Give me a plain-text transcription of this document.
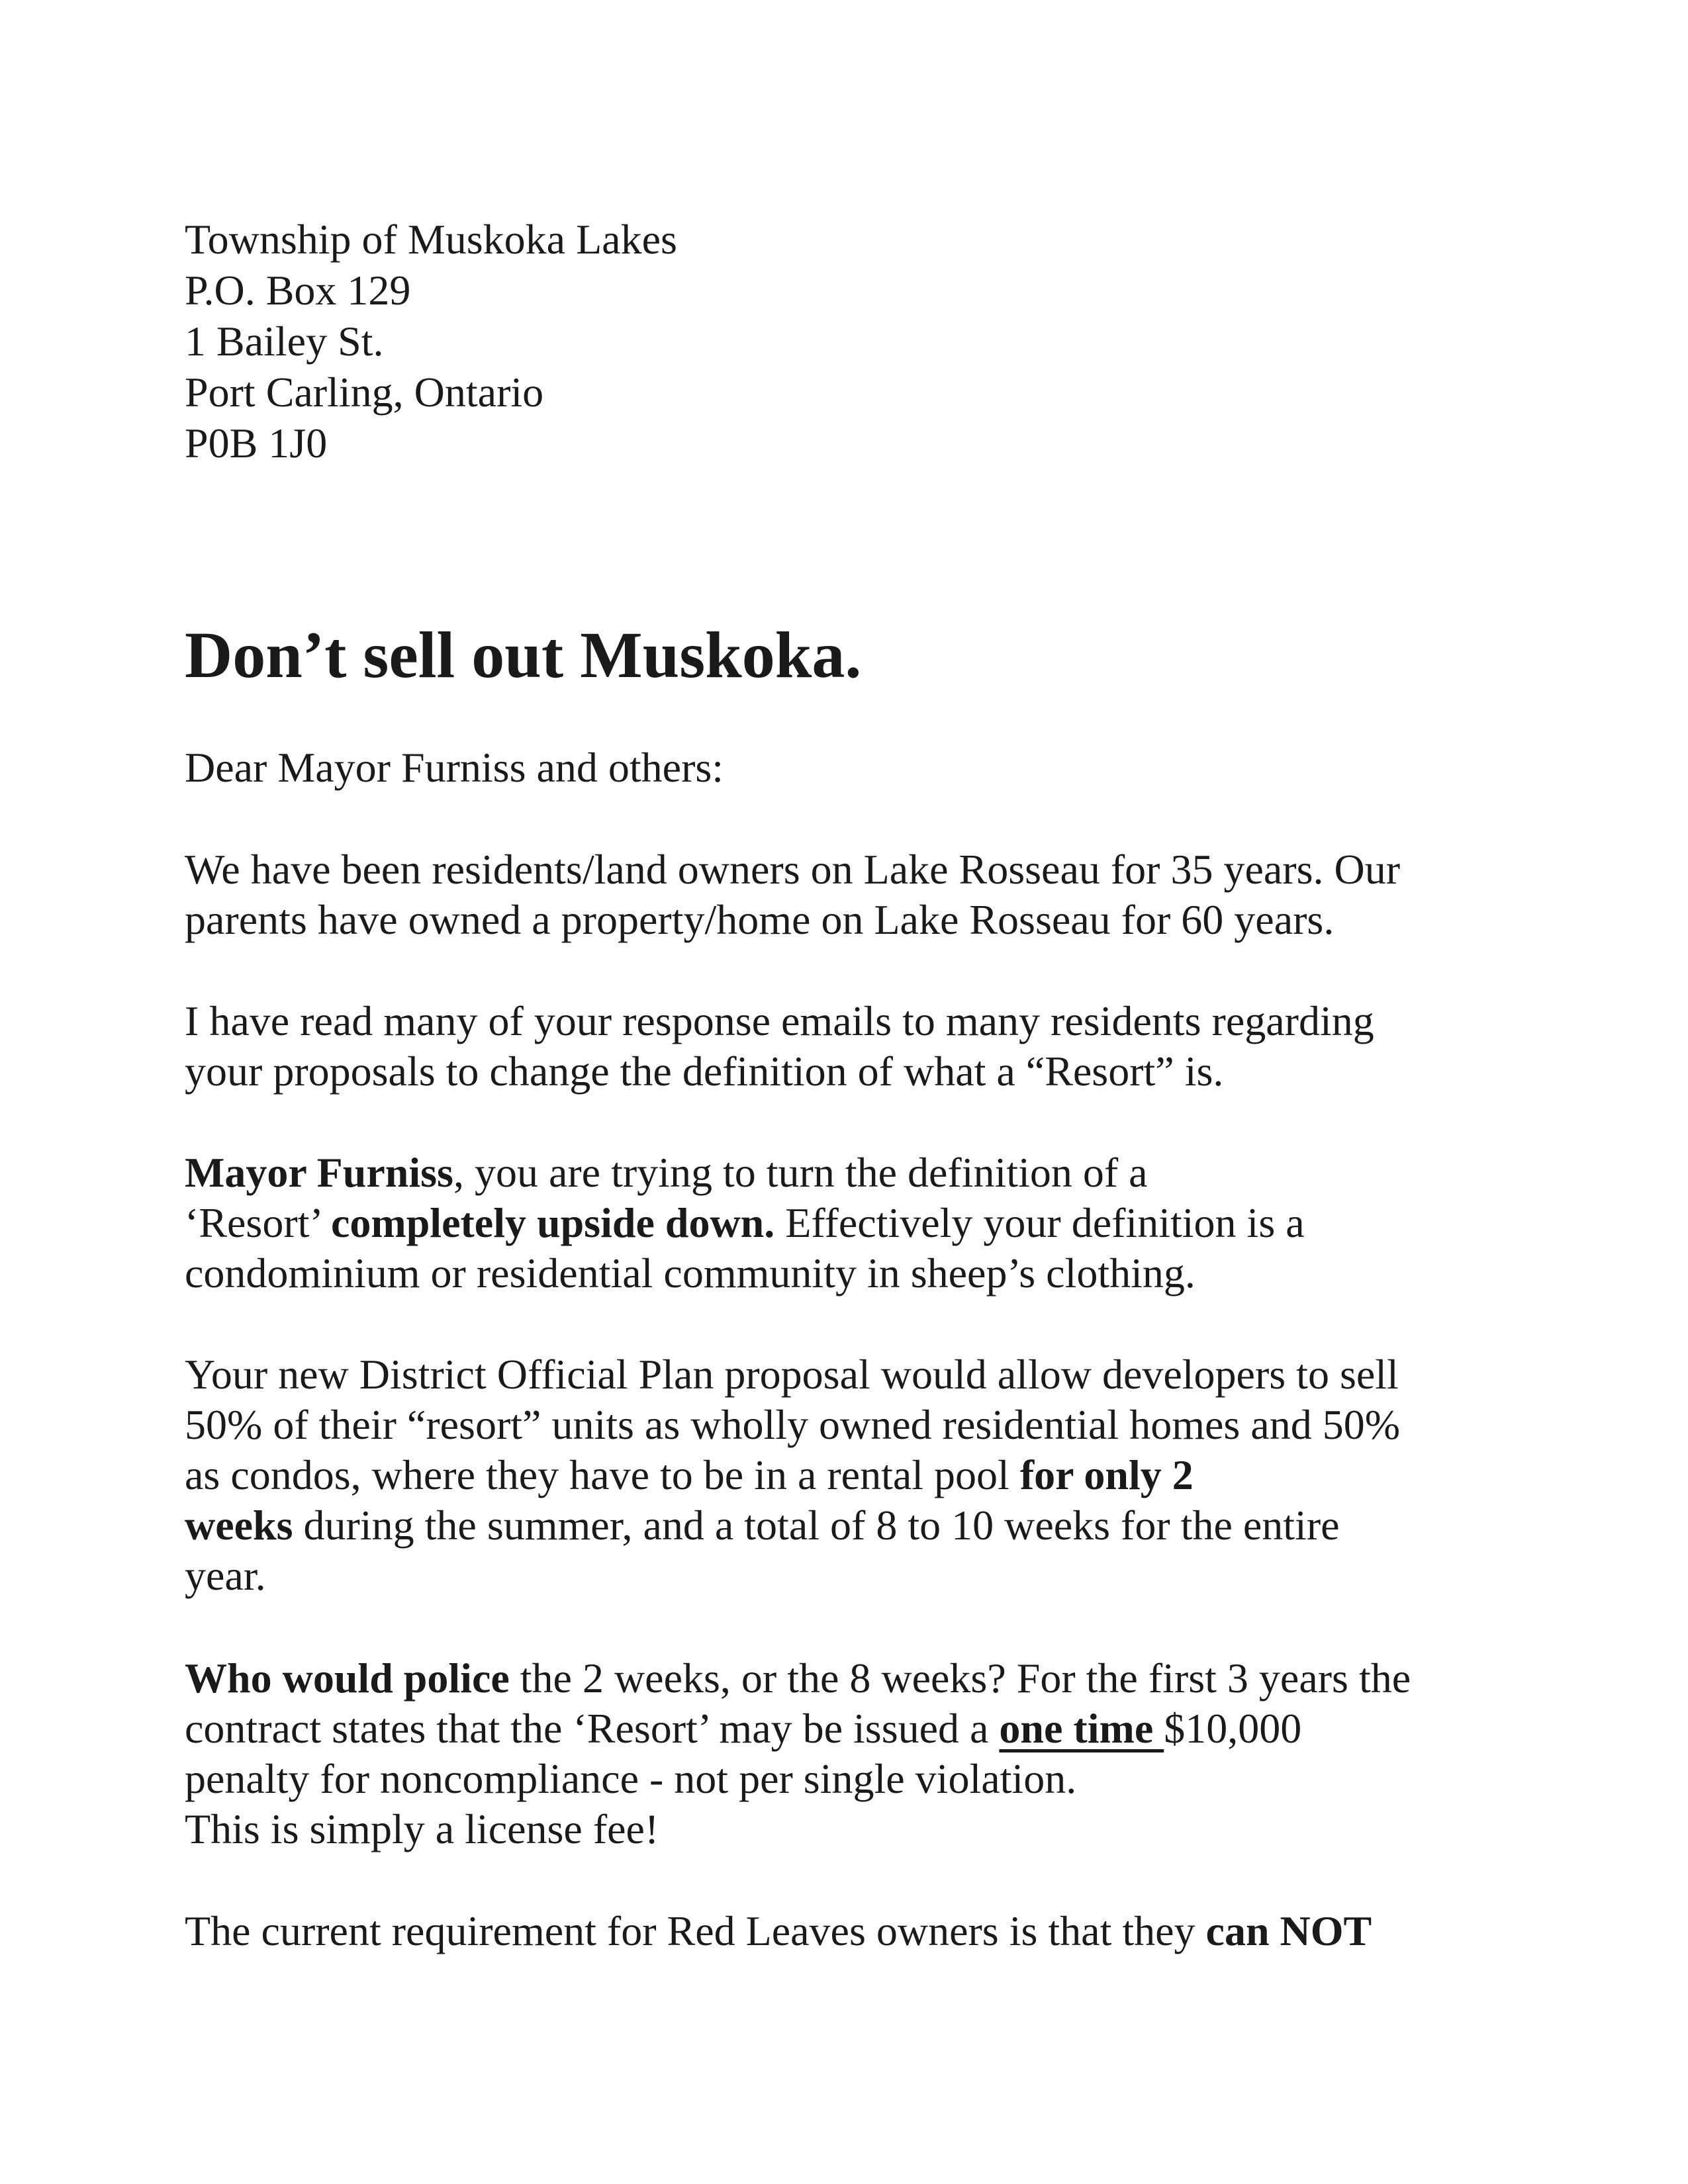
Township of Muskoka Lakes
P.O. Box 129
1 Bailey St.
Port Carling, Ontario
P0B 1J0
Don’t sell out Muskoka.
Dear Mayor Furniss and others:
We have been residents/land owners on Lake Rosseau for 35 years. Our
parents have owned a property/home on Lake Rosseau for 60 years.
I have read many of your response emails to many residents regarding
your proposals to change the definition of what a “Resort” is.
Mayor Furniss, you are trying to turn the definition of a
‘Resort’ completely upside down. Effectively your definition is a
condominium or residential community in sheep’s clothing.
Your new District Official Plan proposal would allow developers to sell
50% of their “resort” units as wholly owned residential homes and 50%
as condos, where they have to be in a rental pool for only 2
weeks during the summer, and a total of 8 to 10 weeks for the entire
year.
Who would police the 2 weeks, or the 8 weeks? For the first 3 years the
contract states that the ‘Resort’ may be issued a one time $10,000
penalty for noncompliance - not per single violation.
This is simply a license fee!
The current requirement for Red Leaves owners is that they can NOT
